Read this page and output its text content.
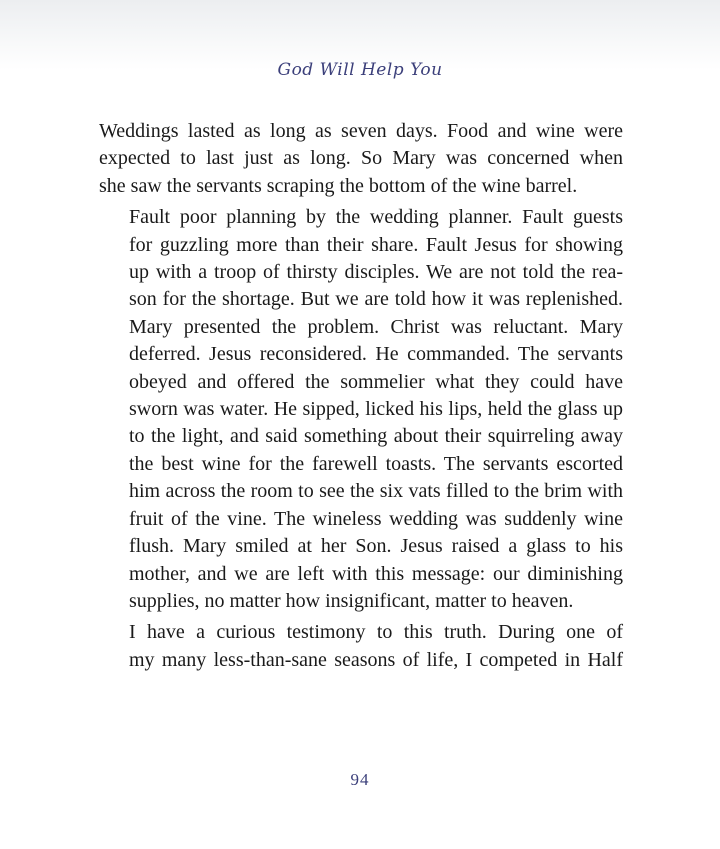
God Will Help You

Weddings lasted as long as seven days. Food and wine were
expected to last just as long. So Mary was concerned when
she saw the servants scraping the bottom of the wine barrel.

Fault poor planning by the wedding planner. Fault guests
for guzzling more than their share. Fault Jesus for showing
up with a troop of thirsty disciples. We are not told the rea-
son for the shortage. But we are told how it was replenished.
Mary presented the problem. Christ was reluctant. Mary
deferred. Jesus reconsidered. He commanded. The servants
obeyed and offered the sommelier what they could have
sworn was water. He sipped, licked his lips, held the glass up
to the light, and said something about their squirreling away
the best wine for the farewell toasts. The servants escorted
him across the room to see the six vats filled to the brim with
fruit of the vine. The wineless wedding was suddenly wine
flush. Mary smiled at her Son. Jesus raised a glass to his
mother, and we are left with this message: our diminishing
supplies, no matter how insignificant, matter to heaven.

I have a curious testimony to this truth. During one of
my many less-than-sane seasons of life, I competed in Half

94
